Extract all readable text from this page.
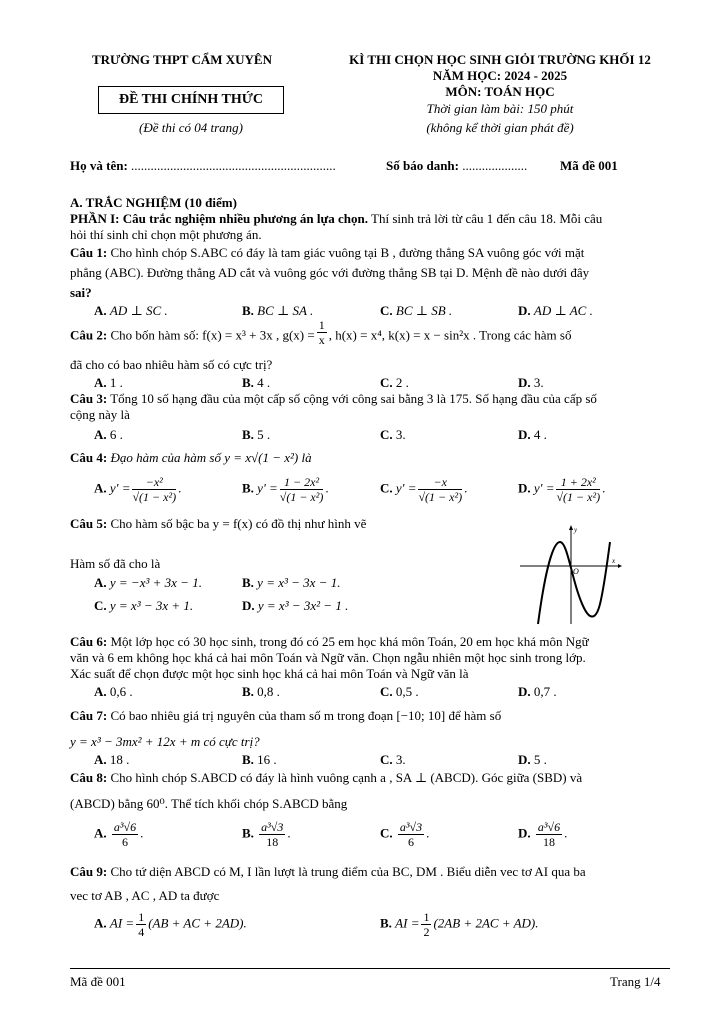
TRƯỜNG THPT CẨM XUYÊN	KÌ THI CHỌN HỌC SINH GIỎI TRƯỜNG KHỐI 12
NĂM HỌC: 2024 - 2025
MÔN: TOÁN HỌC
ĐỀ THI CHÍNH THỨC
Thời gian làm bài: 150 phút
(Đề thi có 04 trang)	(không kể thời gian phát đề)
Họ và tên: ...............................................................	Số báo danh: ....................	Mã đề 001
A. TRẮC NGHIỆM (10 điểm)
PHẦN I: Câu trắc nghiệm nhiều phương án lựa chọn. Thí sinh trả lời từ câu 1 đến câu 18. Mỗi câu
hỏi thí sinh chỉ chọn một phương án.
Câu 1: Cho hình chóp S.ABC có đáy là tam giác vuông tại B , đường thẳng SA vuông góc với mặt
phẳng (ABC). Đường thẳng AD cắt và vuông góc với đường thẳng SB tại D. Mệnh đề nào dưới đây
sai?
A. AD ⊥ SC .	B. BC ⊥ SA .	C. BC ⊥ SB .	D. AD ⊥ AC .
Câu 2: Cho bốn hàm số: f(x) = x³ + 3x , $g(x) = \frac{1}{x}$ , h(x) = x⁴, k(x) = x − sin²x . Trong các hàm số
đã cho có bao nhiêu hàm số có cực trị?
A. 1 .	B. 4 .	C. 2 .	D. 3.
Câu 3: Tổng 10 số hạng đầu của một cấp số cộng với công sai bằng 3 là 175. Số hạng đầu của cấp số
cộng này là
A. 6 .	B. 5 .	C. 3.	D. 4 .
Câu 4: Đạo hàm của hàm số y = x√(1 − x²) là
A. $y' = \frac{\text{−x²}}{\text{√(1 − x²)}}$ .	B. $y' = \frac{\text{1 − 2x²}}{\text{√(1 − x²)}}$ .	C. $y' = \frac{-x}{\text{√(1 − x²)}}$ .	D. $y' = \frac{\text{1 + 2x²}}{\text{√(1 − x²)}}$ .
Câu 5: Cho hàm số bậc ba y = f(x) có đồ thị như hình vẽ
Hàm số đã cho là
A. y = −x³ + 3x − 1.	B. y = x³ − 3x − 1.
C. y = x³ − 3x + 1.	D. y = x³ − 3x² − 1 .
y
x
O
Câu 6: Một lớp học có 30 học sinh, trong đó có 25 em học khá môn Toán, 20 em học khá môn Ngữ
văn và 6 em không học khá cả hai môn Toán và Ngữ văn. Chọn ngẫu nhiên một học sinh trong lớp.
Xác suất để chọn được một học sinh học khá cả hai môn Toán và Ngữ văn là
A. 0,6 .	B. 0,8 .	C. 0,5 .	D. 0,7 .
Câu 7: Có bao nhiêu giá trị nguyên của tham số m trong đoạn [−10; 10] để hàm số
y = x³ − 3mx² + 12x + m có cực trị?
A. 18 .	B. 16 .	C. 3.	D. 5 .
Câu 8: Cho hình chóp S.ABCD có đáy là hình vuông cạnh a , SA ⊥ (ABCD). Góc giữa (SBD) và
(ABCD) bằng 60⁰. Thể tích khối chóp S.ABCD bằng
A. $\frac{\text{a³√6}}{6}$ .	B. $\frac{\text{a³√3}}{18}$ .	C. $\frac{\text{a³√3}}{6}$ .	D. $\frac{\text{a³√6}}{18}$ .
Câu 9: Cho tứ diện ABCD có M, I lần lượt là trung điểm của BC, DM . Biểu diễn vec tơ AI qua ba
vec tơ AB , AC , AD ta được
A. AI = $\frac{1}{4} (AB$ + AC + 2AD).	B. AI = $\frac{1}{2} (2AB + 2AC + AD)$.
Mã đề 001	Trang 1/4
